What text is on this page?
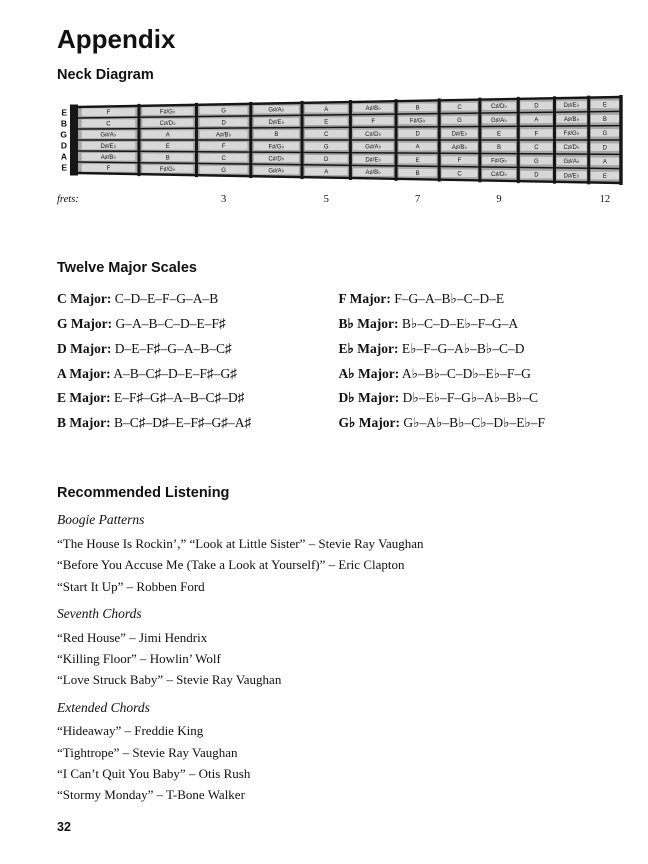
Appendix
Neck Diagram
E
B
G
D
A
E
F	F♯/G♭	G	G♯/A♭	A	A♯/B♭	B	C	C♯/D♭	D	D♯/E♭	E
C	C♯/D♭	D	D♯/E♭	E	F	F♯/G♭	G	G♯/A♭	A	A♯/B♭	B
G♯/A♭	A	A♯/B♭	B	C	C♯/D♭	D	D♯/E♭	E	F	F♯/G♭	G
D♯/E♭	E	F	F♯/G♭	G	G♯/A♭	A	A♯/B♭	B	C	C♯/D♭	D
A♯/B♭	B	C	C♯/D♭	D	D♯/E♭	E	F	F♯/G♭	G	G♯/A♭	A
F	F♯/G♭	G	G♯/A♭	A	A♯/B♭	B	C	C♯/D♭	D	D♯/E♭	E
frets:	3	5	7	9	12
Twelve Major Scales
C Major: C–D–E–F–G–A–B
G Major: G–A–B–C–D–E–F♯
D Major: D–E–F♯–G–A–B–C♯
A Major: A–B–C♯–D–E–F♯–G♯
E Major: E–F♯–G♯–A–B–C♯–D♯
B Major: B–C♯–D♯–E–F♯–G♯–A♯
F Major: F–G–A–B♭–C–D–E
B♭ Major: B♭–C–D–E♭–F–G–A
E♭ Major: E♭–F–G–A♭–B♭–C–D
A♭ Major: A♭–B♭–C–D♭–E♭–F–G
D♭ Major: D♭–E♭–F–G♭–A♭–B♭–C
G♭ Major: G♭–A♭–B♭–C♭–D♭–E♭–F
Recommended Listening
Boogie Patterns
“The House Is Rockin’,” “Look at Little Sister” – Stevie Ray Vaughan
“Before You Accuse Me (Take a Look at Yourself)” – Eric Clapton
“Start It Up” – Robben Ford
Seventh Chords
“Red House” – Jimi Hendrix
“Killing Floor” – Howlin’ Wolf
“Love Struck Baby” – Stevie Ray Vaughan
Extended Chords
“Hideaway” – Freddie King
“Tightrope” – Stevie Ray Vaughan
“I Can’t Quit You Baby” – Otis Rush
“Stormy Monday” – T-Bone Walker
32
